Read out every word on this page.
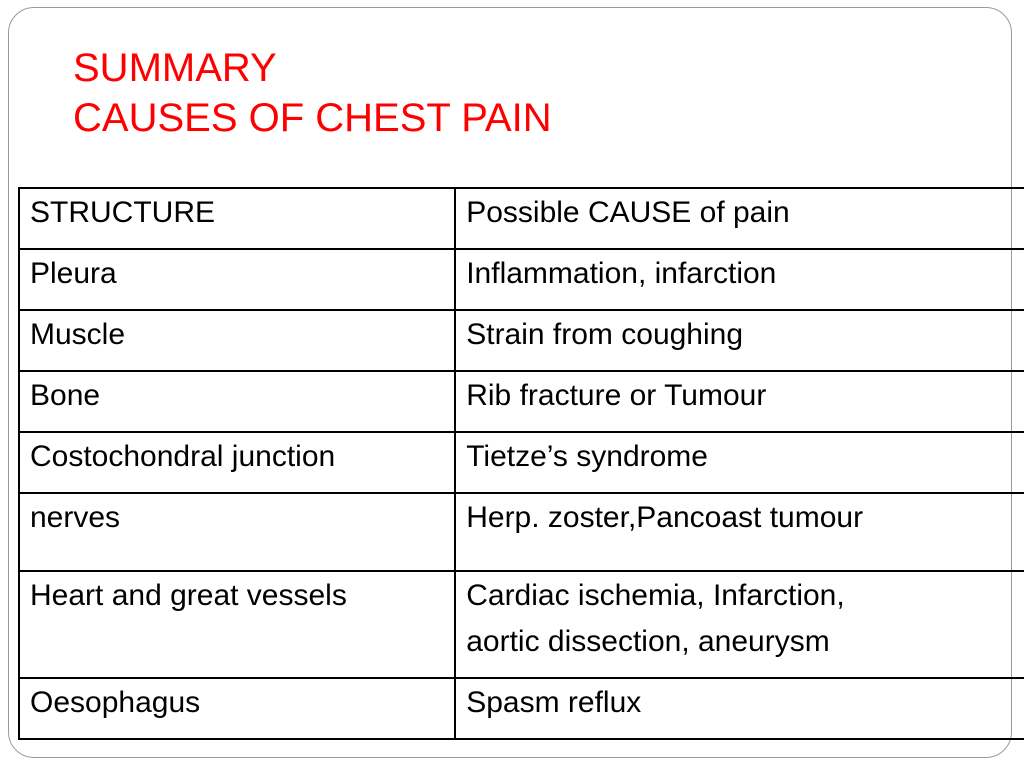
SUMMARY
CAUSES OF CHEST PAIN
STRUCTURE	Possible CAUSE of pain
Pleura	Inflammation, infarction
Muscle	Strain from coughing
Bone	Rib fracture or Tumour
Costochondral junction	Tietze’s syndrome
nerves	Herp. zoster,Pancoast tumour
Heart and great vessels	Cardiac ischemia, Infarction,
aortic dissection, aneurysm

Oesophagus	Spasm reflux
